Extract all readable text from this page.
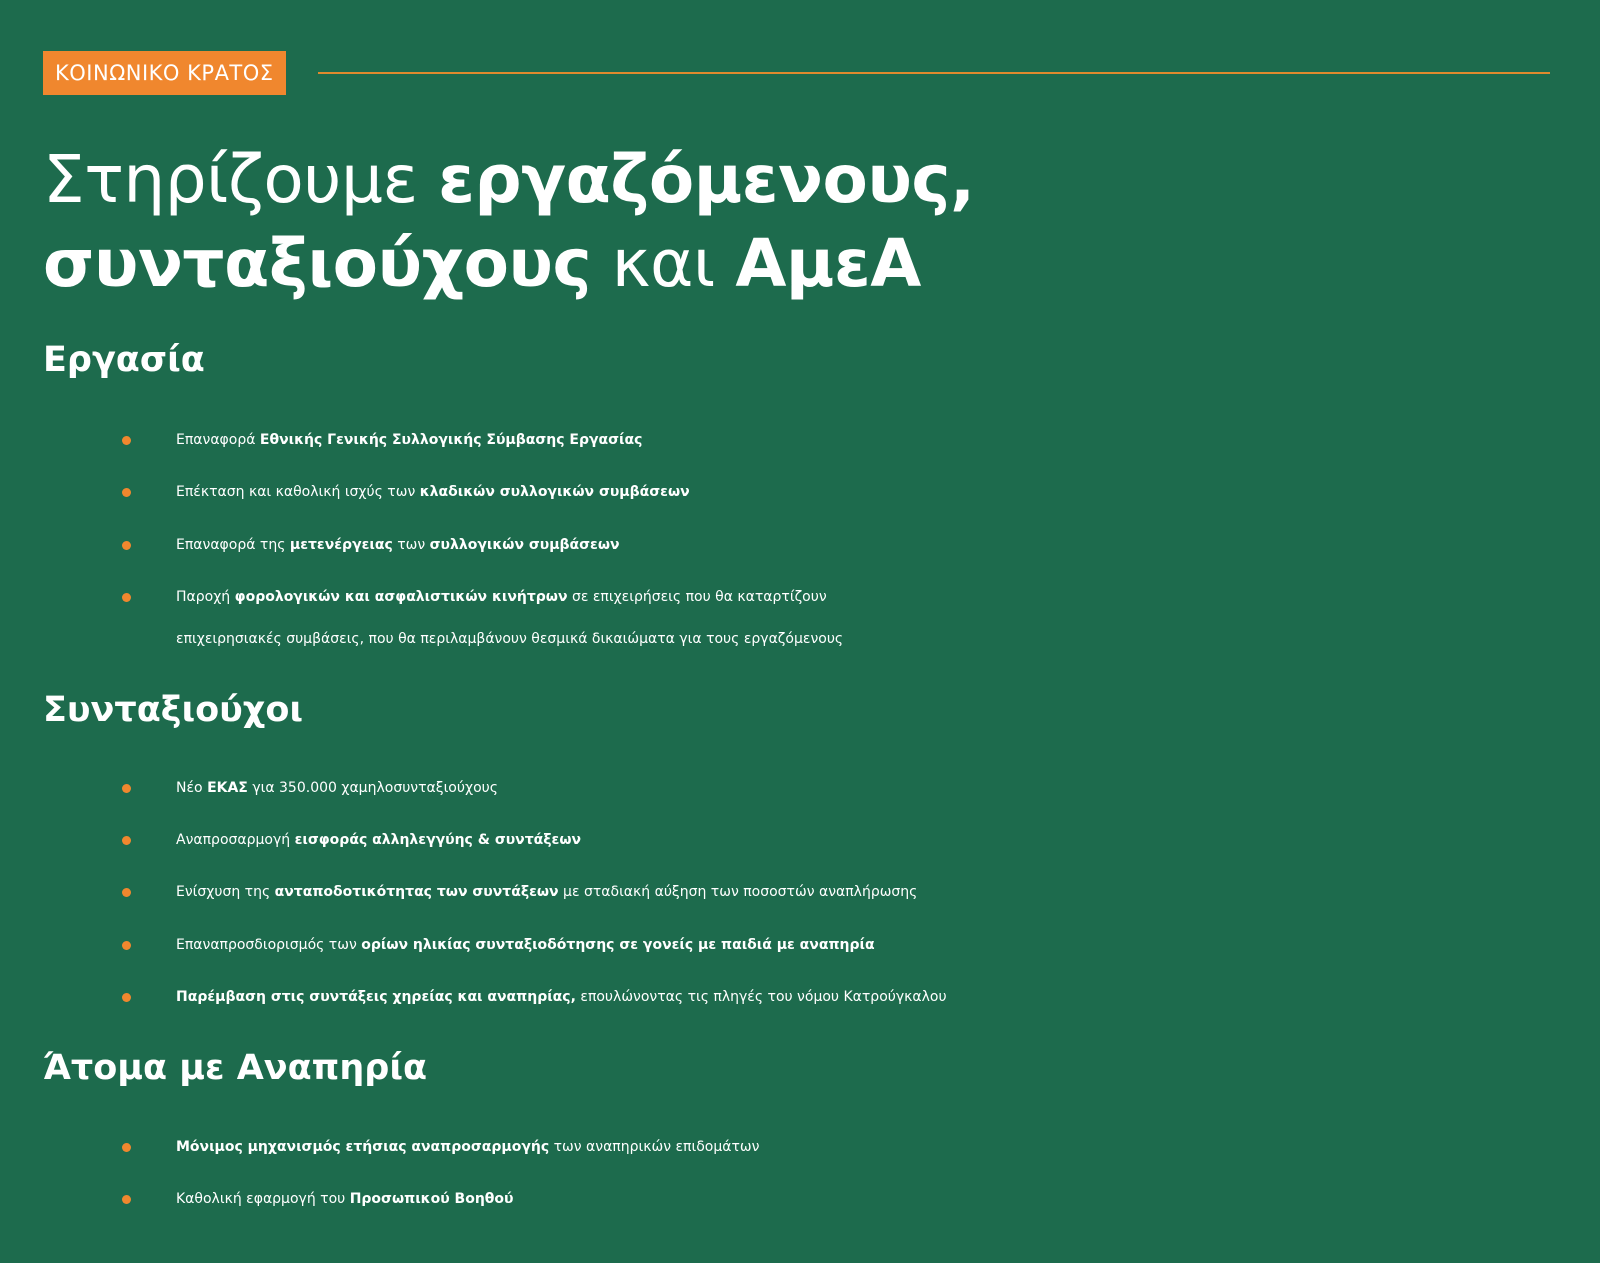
ΚΟΙΝΩΝΙΚΟ ΚΡΑΤΟΣ
Στηρίζουμε εργαζόμενους,
συνταξιούχους και ΑμεΑ
Εργασία
Επαναφορά Εθνικής Γενικής Συλλογικής Σύμβασης Εργασίας
Επέκταση και καθολική ισχύς των κλαδικών συλλογικών συμβάσεων
Επαναφορά της μετενέργειας των συλλογικών συμβάσεων
Παροχή φορολογικών και ασφαλιστικών κινήτρων σε επιχειρήσεις που θα καταρτίζουν
επιχειρησιακές συμβάσεις, που θα περιλαμβάνουν θεσμικά δικαιώματα για τους εργαζόμενους
Συνταξιούχοι
Νέο ΕΚΑΣ για 350.000 χαμηλοσυνταξιούχους
Αναπροσαρμογή εισφοράς αλληλεγγύης & συντάξεων
Ενίσχυση της ανταποδοτικότητας των συντάξεων με σταδιακή αύξηση των ποσοστών αναπλήρωσης
Επαναπροσδιορισμός των ορίων ηλικίας συνταξιοδότησης σε γονείς με παιδιά με αναπηρία
Παρέμβαση στις συντάξεις χηρείας και αναπηρίας, επουλώνοντας τις πληγές του νόμου Κατρούγκαλου
Άτομα με Αναπηρία
Μόνιμος μηχανισμός ετήσιας αναπροσαρμογής των αναπηρικών επιδομάτων
Καθολική εφαρμογή του Προσωπικού Βοηθού
